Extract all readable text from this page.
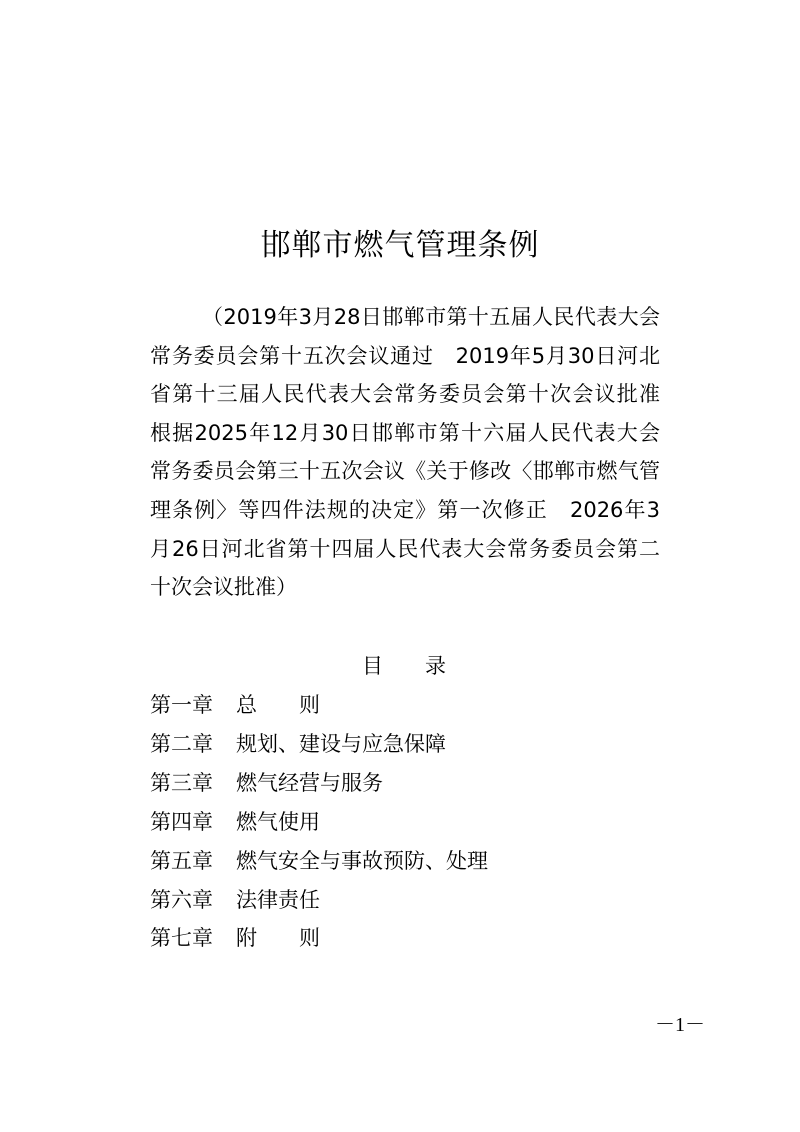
邯郸市燃气管理条例
（2019年3月28日邯郸市第十五届人民代表大会
常务委员会第十五次会议通过　2019年5月30日河北
省第十三届人民代表大会常务委员会第十次会议批准
根据2025年12月30日邯郸市第十六届人民代表大会
常务委员会第三十五次会议《关于修改〈邯郸市燃气管
理条例〉等四件法规的决定》第一次修正　2026年3
月26日河北省第十四届人民代表大会常务委员会第二
十次会议批准）
目 录
第一章 总　　则
第二章 规划、建设与应急保障
第三章 燃气经营与服务
第四章 燃气使用
第五章 燃气安全与事故预防、处理
第六章 法律责任
第七章 附　　则
－1－
